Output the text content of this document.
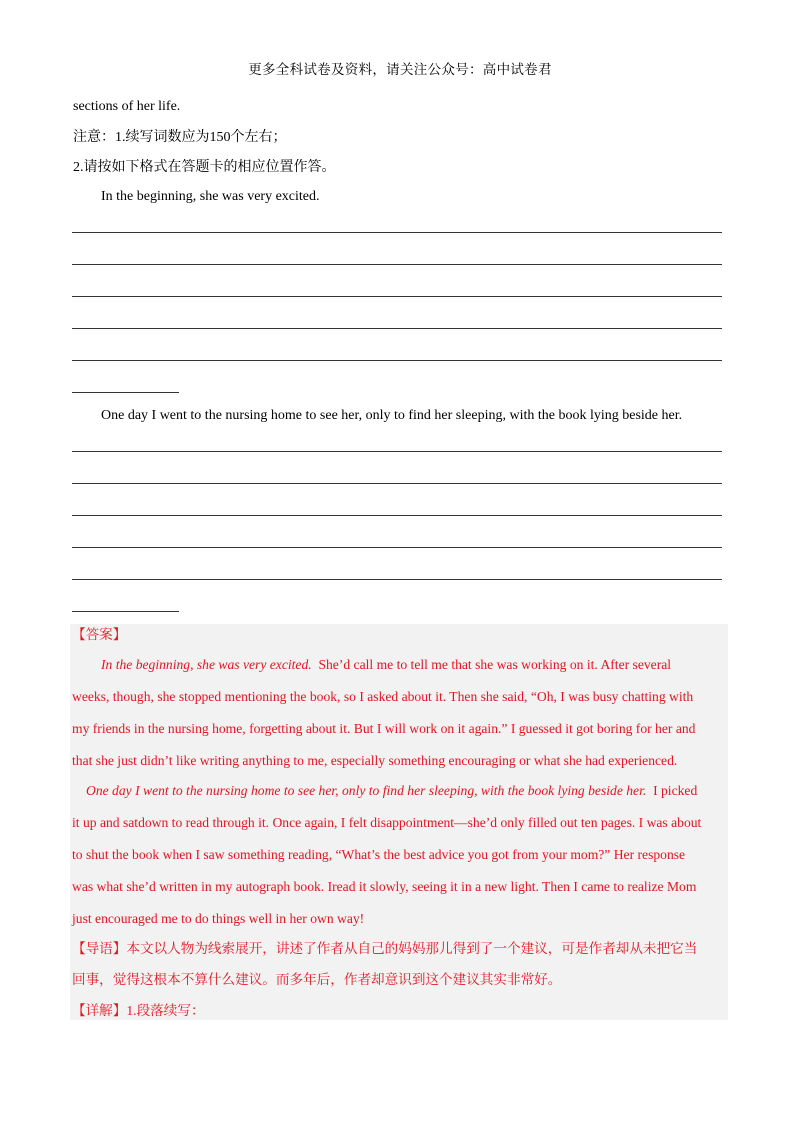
更多全科试卷及资料，请关注公众号：高中试卷君
sections of her life.
注意：1.续写词数应为150个左右；
2.请按如下格式在答题卡的相应位置作答。
In the beginning, she was very excited.
One day I went to the nursing home to see her, only to find her sleeping, with the book lying beside her.
【答案】
In the beginning, she was very excited. She’d call me to tell me that she was working on it. After several
weeks, though, she stopped mentioning the book, so I asked about it. Then she said, “Oh, I was busy chatting with
my friends in the nursing home, forgetting about it. But I will work on it again.” I guessed it got boring for her and
that she just didn’t like writing anything to me, especially something encouraging or what she had experienced.
One day I went to the nursing home to see her, only to find her sleeping, with the book lying beside her. I picked
it up and satdown to read through it. Once again, I felt disappointment—she’d only filled out ten pages. I was about
to shut the book when I saw something reading, “What’s the best advice you got from your mom?” Her response
was what she’d written in my autograph book. Iread it slowly, seeing it in a new light. Then I came to realize Mom
just encouraged me to do things well in her own way!
【导语】本文以人物为线索展开，讲述了作者从自己的妈妈那儿得到了一个建议，可是作者却从未把它当
回事，觉得这根本不算什么建议。而多年后，作者却意识到这个建议其实非常好。
【详解】1.段落续写：
